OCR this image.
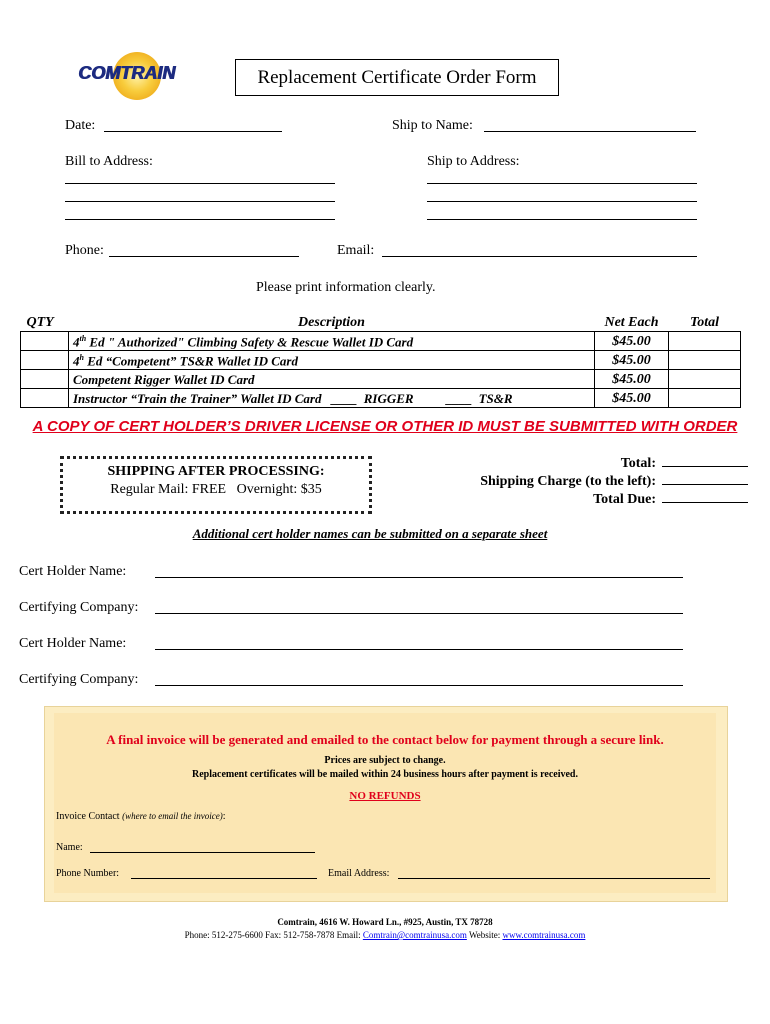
COMTRAIN	Replacement Certificate Order Form
Date:	Ship to Name:
Bill to Address:	Ship to Address:
Phone:	Email:
Please print information clearly.
QTY	Description	Net Each	Total
	4th Ed " Authorized" Climbing Safety & Rescue Wallet ID Card	$45.00	
	4$^h$ Ed “Competent” TS&R Wallet ID Card	$45.00	
	Competent Rigger Wallet ID Card	$45.00	
	Instructor “Train the Trainer” Wallet ID Card   ____  RIGGER          ____  TS&R	$45.00	
A COPY OF CERT HOLDER’S DRIVER LICENSE OR OTHER ID MUST BE SUBMITTED WITH ORDER
SHIPPING AFTER PROCESSING:
Regular Mail: FREE   Overnight: $35
Total:
Shipping Charge (to the left):
Total Due:
Additional cert holder names can be submitted on a separate sheet
Cert Holder Name:
Certifying Company:
Cert Holder Name:
Certifying Company:
A final invoice will be generated and emailed to the contact below for payment through a secure link.
Prices are subject to change.
Replacement certificates will be mailed within 24 business hours after payment is received.
NO REFUNDS
Invoice Contact (where to email the invoice):
Name:
Phone Number:	Email Address:
Comtrain, 4616 W. Howard Ln., #925, Austin, TX 78728
Phone: 512-275-6600 Fax: 512-758-7878 Email: Comtrain@comtrainusa.com Website: www.comtrainusa.com
